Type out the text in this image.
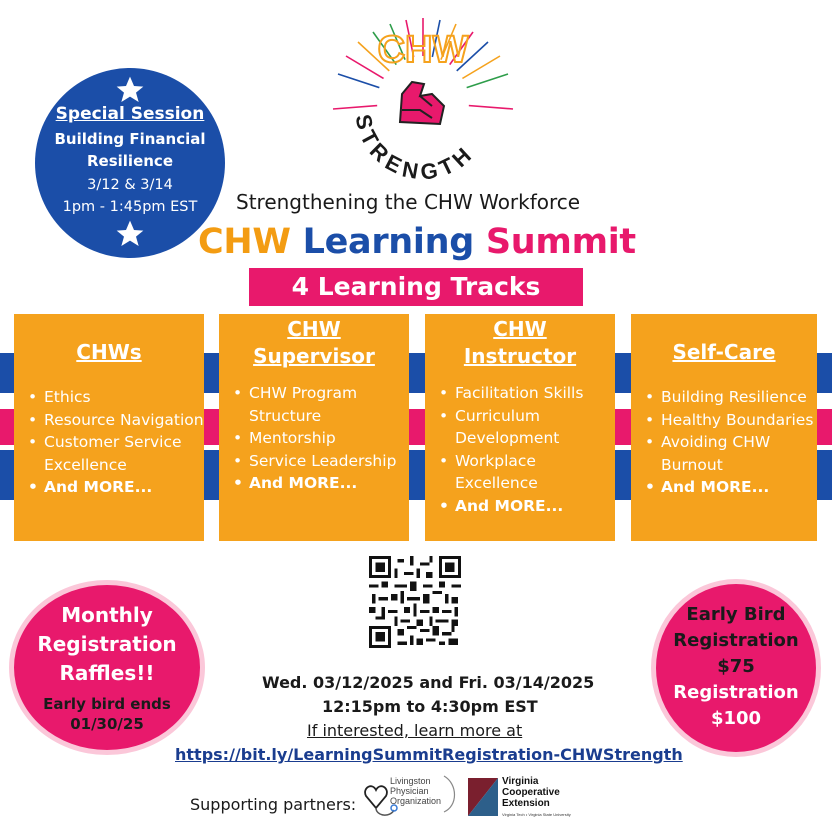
CHW
STRENGTH
Special Session
Building Financial
Resilience
3/12 & 3/14
1pm - 1:45pm EST	Strengthening the CHW Workforce
CHW Learning Summit
4 Learning Tracks
CHWs
• Ethics
• Resource Navigation
• Customer Service Excellence
• And MORE...
CHW
Supervisor
• CHW Program Structure
• Mentorship
• Service Leadership
• And MORE...
CHW
Instructor
• Facilitation Skills
• Curriculum Development
• Workplace Excellence
• And MORE...
Self-Care
• Building Resilience
• Healthy Boundaries
• Avoiding CHW Burnout
• And MORE...
Monthly
Registration
Raffles!!
Early bird ends
01/30/25
Early Bird
Registration
$75
Registration
$100
Wed. 03/12/2025 and Fri. 03/14/2025
12:15pm to 4:30pm EST
If interested, learn more at
https://bit.ly/LearningSummitRegistration-CHWStrength
Supporting partners:
Livingston
Physician
Organization
Virginia
Cooperative
Extension
Virginia Tech • Virginia State University
